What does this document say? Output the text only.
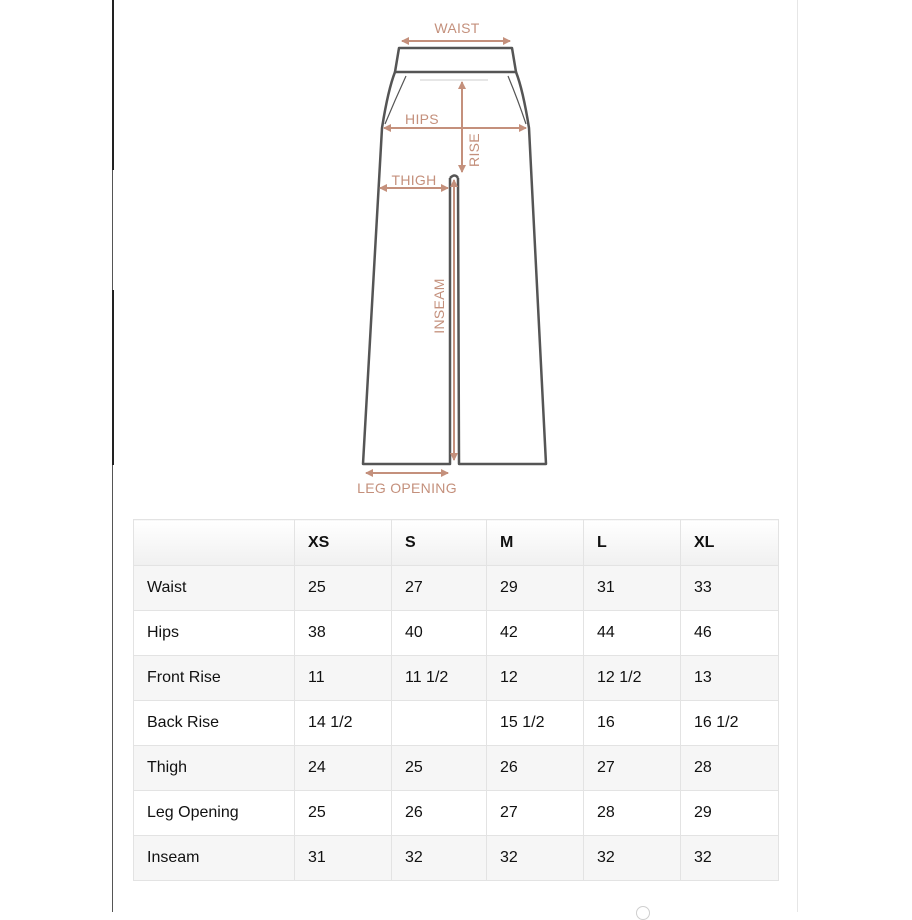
WAIST
HIPS
RISE
THIGH
INSEAM
LEG OPENING
	XS	S	M	L	XL
Waist	25	27	29	31	33
Hips	38	40	42	44	46
Front Rise	11	11 1/2	12	12 1/2	13
Back Rise	14 1/2		15 1/2	16	16 1/2
Thigh	24	25	26	27	28
Leg Opening	25	26	27	28	29
Inseam	31	32	32	32	32
